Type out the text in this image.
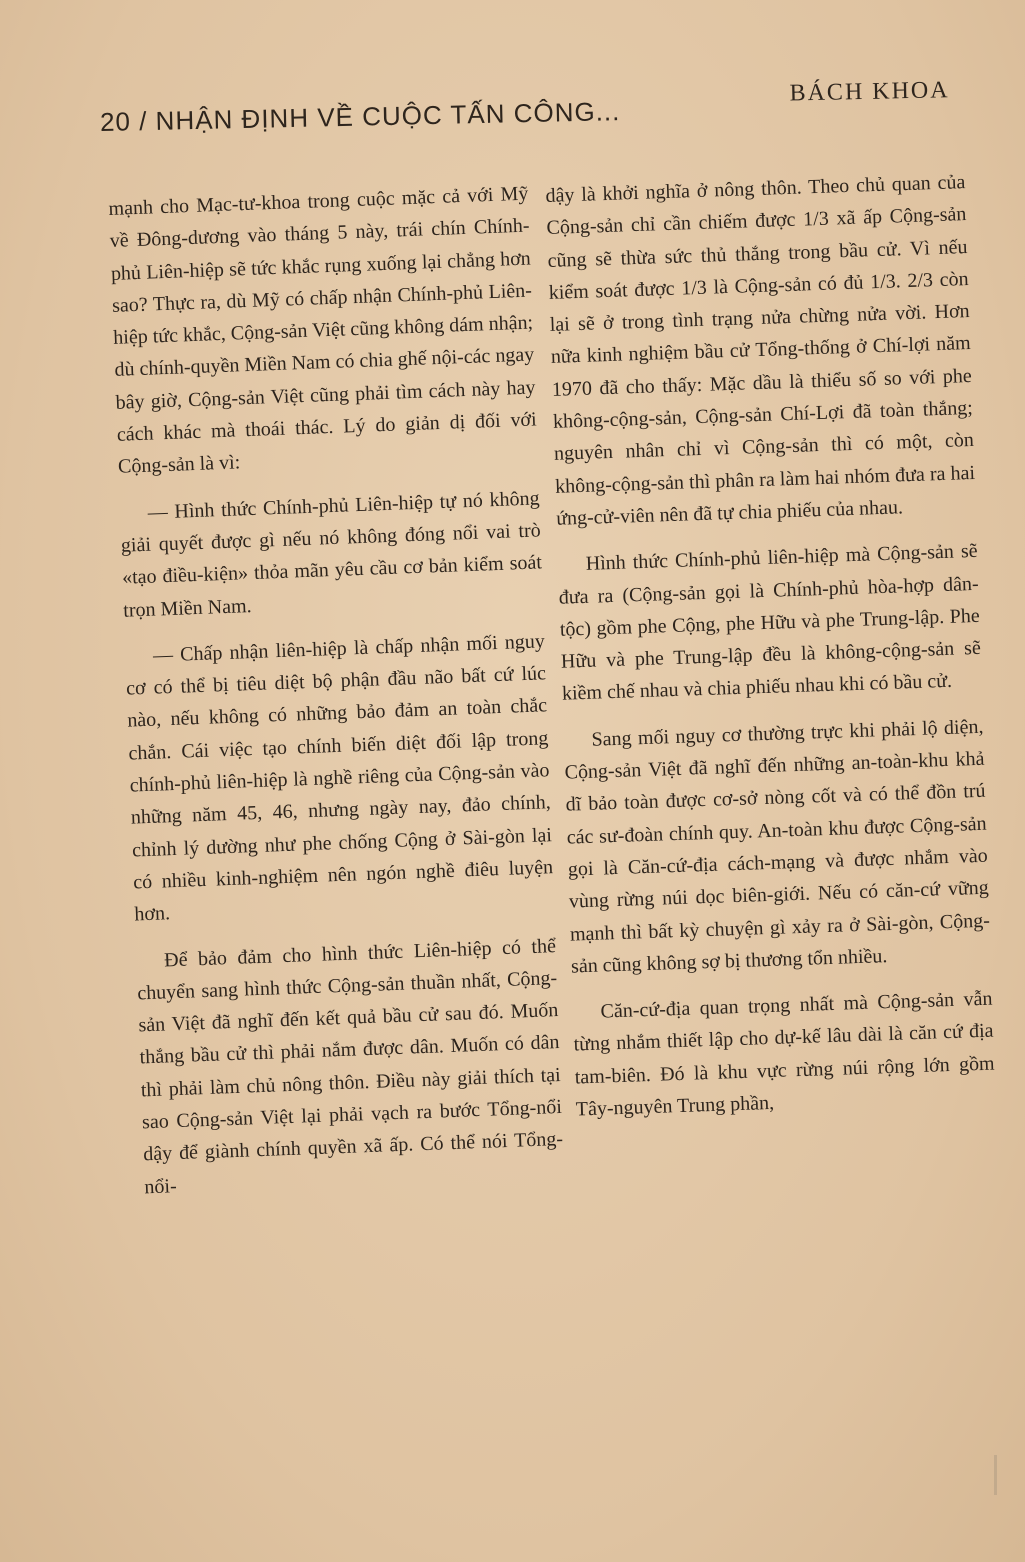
20 / NHẬN ĐỊNH VỀ CUỘC TẤN CÔNG...
BÁCH KHOA

mạnh cho Mạc-tư-khoa trong cuộc mặc cả với Mỹ về Đông-dương vào tháng 5 này, trái chín Chính-phủ Liên-hiệp sẽ tức khắc rụng xuống lại chẳng hơn sao? Thực ra, dù Mỹ có chấp nhận Chính-phủ Liên-hiệp tức khắc, Cộng-sản Việt cũng không dám nhận; dù chính-quyền Miền Nam có chia ghế nội-các ngay bây giờ, Cộng-sản Việt cũng phải tìm cách này hay cách khác mà thoái thác. Lý do giản dị đối với Cộng-sản là vì:

— Hình thức Chính-phủ Liên-hiệp tự nó không giải quyết được gì nếu nó không đóng nổi vai trò «tạo điều-kiện» thỏa mãn yêu cầu cơ bản kiểm soát trọn Miền Nam.

— Chấp nhận liên-hiệp là chấp nhận mối nguy cơ có thể bị tiêu diệt bộ phận đầu não bất cứ lúc nào, nếu không có những bảo đảm an toàn chắc chắn. Cái việc tạo chính biến diệt đối lập trong chính-phủ liên-hiệp là nghề riêng của Cộng-sản vào những năm 45, 46, nhưng ngày nay, đảo chính, chỉnh lý dường như phe chống Cộng ở Sài-gòn lại có nhiều kinh-nghiệm nên ngón nghề điêu luyện hơn.

Để bảo đảm cho hình thức Liên-hiệp có thể chuyển sang hình thức Cộng-sản thuần nhất, Cộng-sản Việt đã nghĩ đến kết quả bầu cử sau đó. Muốn thắng bầu cử thì phải nắm được dân. Muốn có dân thì phải làm chủ nông thôn. Điều này giải thích tại sao Cộng-sản Việt lại phải vạch ra bước Tổng-nổi dậy để giành chính quyền xã ấp. Có thể nói Tổng-nổi-

dậy là khởi nghĩa ở nông thôn. Theo chủ quan của Cộng-sản chỉ cần chiếm được 1/3 xã ấp Cộng-sản cũng sẽ thừa sức thủ thắng trong bầu cử. Vì nếu kiểm soát được 1/3 là Cộng-sản có đủ 1/3. 2/3 còn lại sẽ ở trong tình trạng nửa chừng nửa vời. Hơn nữa kinh nghiệm bầu cử Tổng-thống ở Chí-lợi năm 1970 đã cho thấy: Mặc dầu là thiểu số so với phe không-cộng-sản, Cộng-sản Chí-Lợi đã toàn thắng; nguyên nhân chỉ vì Cộng-sản thì có một, còn không-cộng-sản thì phân ra làm hai nhóm đưa ra hai ứng-cử-viên nên đã tự chia phiếu của nhau.

Hình thức Chính-phủ liên-hiệp mà Cộng-sản sẽ đưa ra (Cộng-sản gọi là Chính-phủ hòa-hợp dân-tộc) gồm phe Cộng, phe Hữu và phe Trung-lập. Phe Hữu và phe Trung-lập đều là không-cộng-sản sẽ kiềm chế nhau và chia phiếu nhau khi có bầu cử.

Sang mối nguy cơ thường trực khi phải lộ diện, Cộng-sản Việt đã nghĩ đến những an-toàn-khu khả dĩ bảo toàn được cơ-sở nòng cốt và có thể đồn trú các sư-đoàn chính quy. An-toàn khu được Cộng-sản gọi là Căn-cứ-địa cách-mạng và được nhắm vào vùng rừng núi dọc biên-giới. Nếu có căn-cứ vững mạnh thì bất kỳ chuyện gì xảy ra ở Sài-gòn, Cộng-sản cũng không sợ bị thương tổn nhiều.

Căn-cứ-địa quan trọng nhất mà Cộng-sản vẫn từng nhắm thiết lập cho dự-kế lâu dài là căn cứ địa tam-biên. Đó là khu vực rừng núi rộng lớn gồm Tây-nguyên Trung phần,
